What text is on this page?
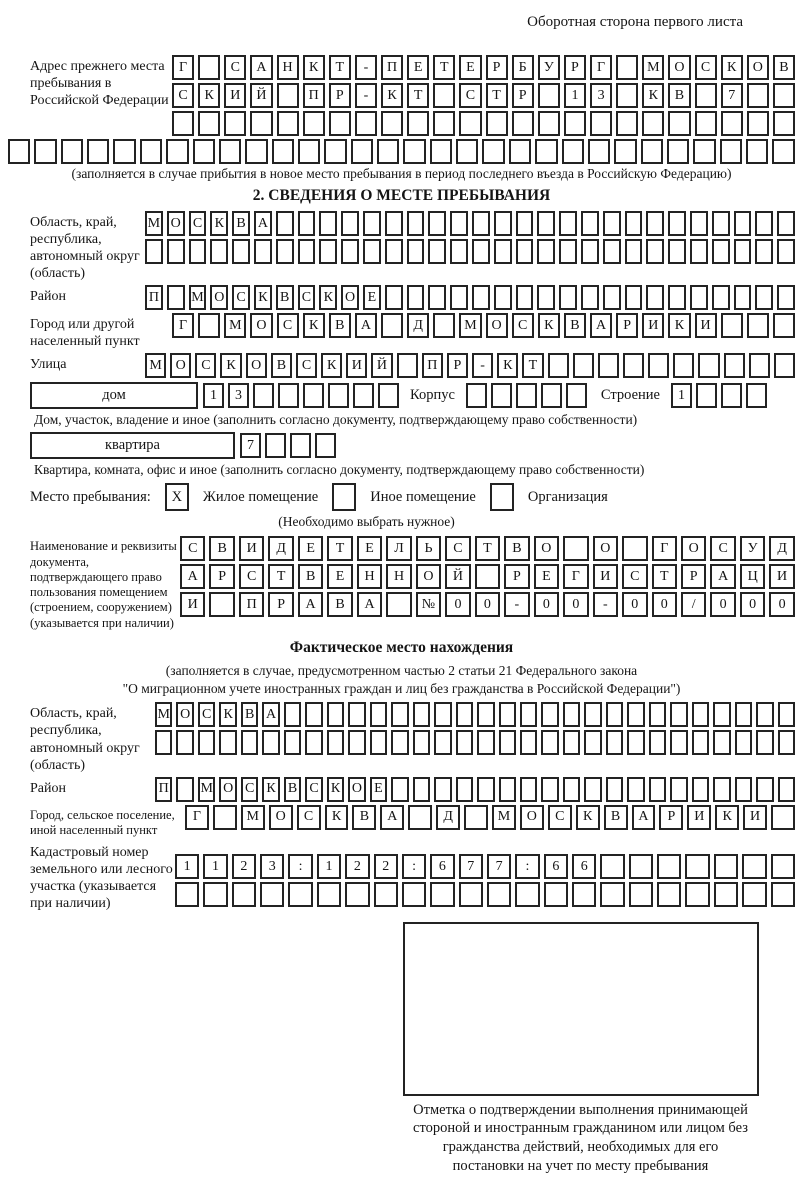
Оборотная сторона первого листа
Адрес прежнего места пребывания в Российской Федерации
Г	С	А	Н	К	Т	-	П	Е	Т	Е	Р	Б	У	Р	Г	М	О	С	К	О	В
С	К	И	Й	П	Р	-	К	Т	С	Т	Р	1	3	К	В	7
(заполняется в случае прибытия в новое место пребывания в период последнего въезда в Российскую Федерацию)
2. СВЕДЕНИЯ О МЕСТЕ ПРЕБЫВАНИЯ
Область, край, республика, автономный округ (область)
М О С К В А
Район	П М О С К В С К О Е
Город или другой населенный пункт
Г	М	О	С	К	В	А	Д	М	О	С	К	В	А	Р	И	К	И
Улица	М О	С	К	О	В	С	К	И	Й	П	Р	-	К	Т
дом	1	3	Корпус	Строение	1
Дом, участок, владение и иное (заполнить согласно документу, подтверждающему право собственности)
квартира	7
Квартира, комната, офис и иное (заполнить согласно документу, подтверждающему право собственности)
Место пребывания:	X	Жилое помещение	Иное помещение	Организация
(Необходимо выбрать нужное)
Наименование и реквизиты документа, подтверждающего право пользования помещением (строением, сооружением) (указывается при наличии)
С	В	И	Д	Е	Т	Е	Л	Ь	С	Т	В	О	О	Г	О	С	У	Д
А	Р	С	Т	В	Е	Н	Н	О	Й	Р	Е	Г	И	С	Т	Р	А	Ц	И
И	П	Р	А	В	А	№	0	0	-	0	0	-	0	0	/	0	0	0
Фактическое место нахождения
(заполняется в случае, предусмотренном частью 2 статьи 21 Федерального закона
"О миграционном учете иностранных граждан и лиц без гражданства в Российской Федерации")
Область, край, республика, автономный округ (область)
М О С К В А
Район	П М О С К В С К О Е
Город, сельское поселение, иной населенный пункт
Г	М	О	С	К	В	А	Д	М	О	С	К	В	А	Р	И	К	И
Кадастровый номер земельного или лесного участка (указывается при наличии)
1	1	2	3	:	1	2	2	:	6	7	7	:	6	6
Отметка о подтверждении выполнения принимающей стороной и иностранным гражданином или лицом без гражданства действий, необходимых для его постановки на учет по месту пребывания
